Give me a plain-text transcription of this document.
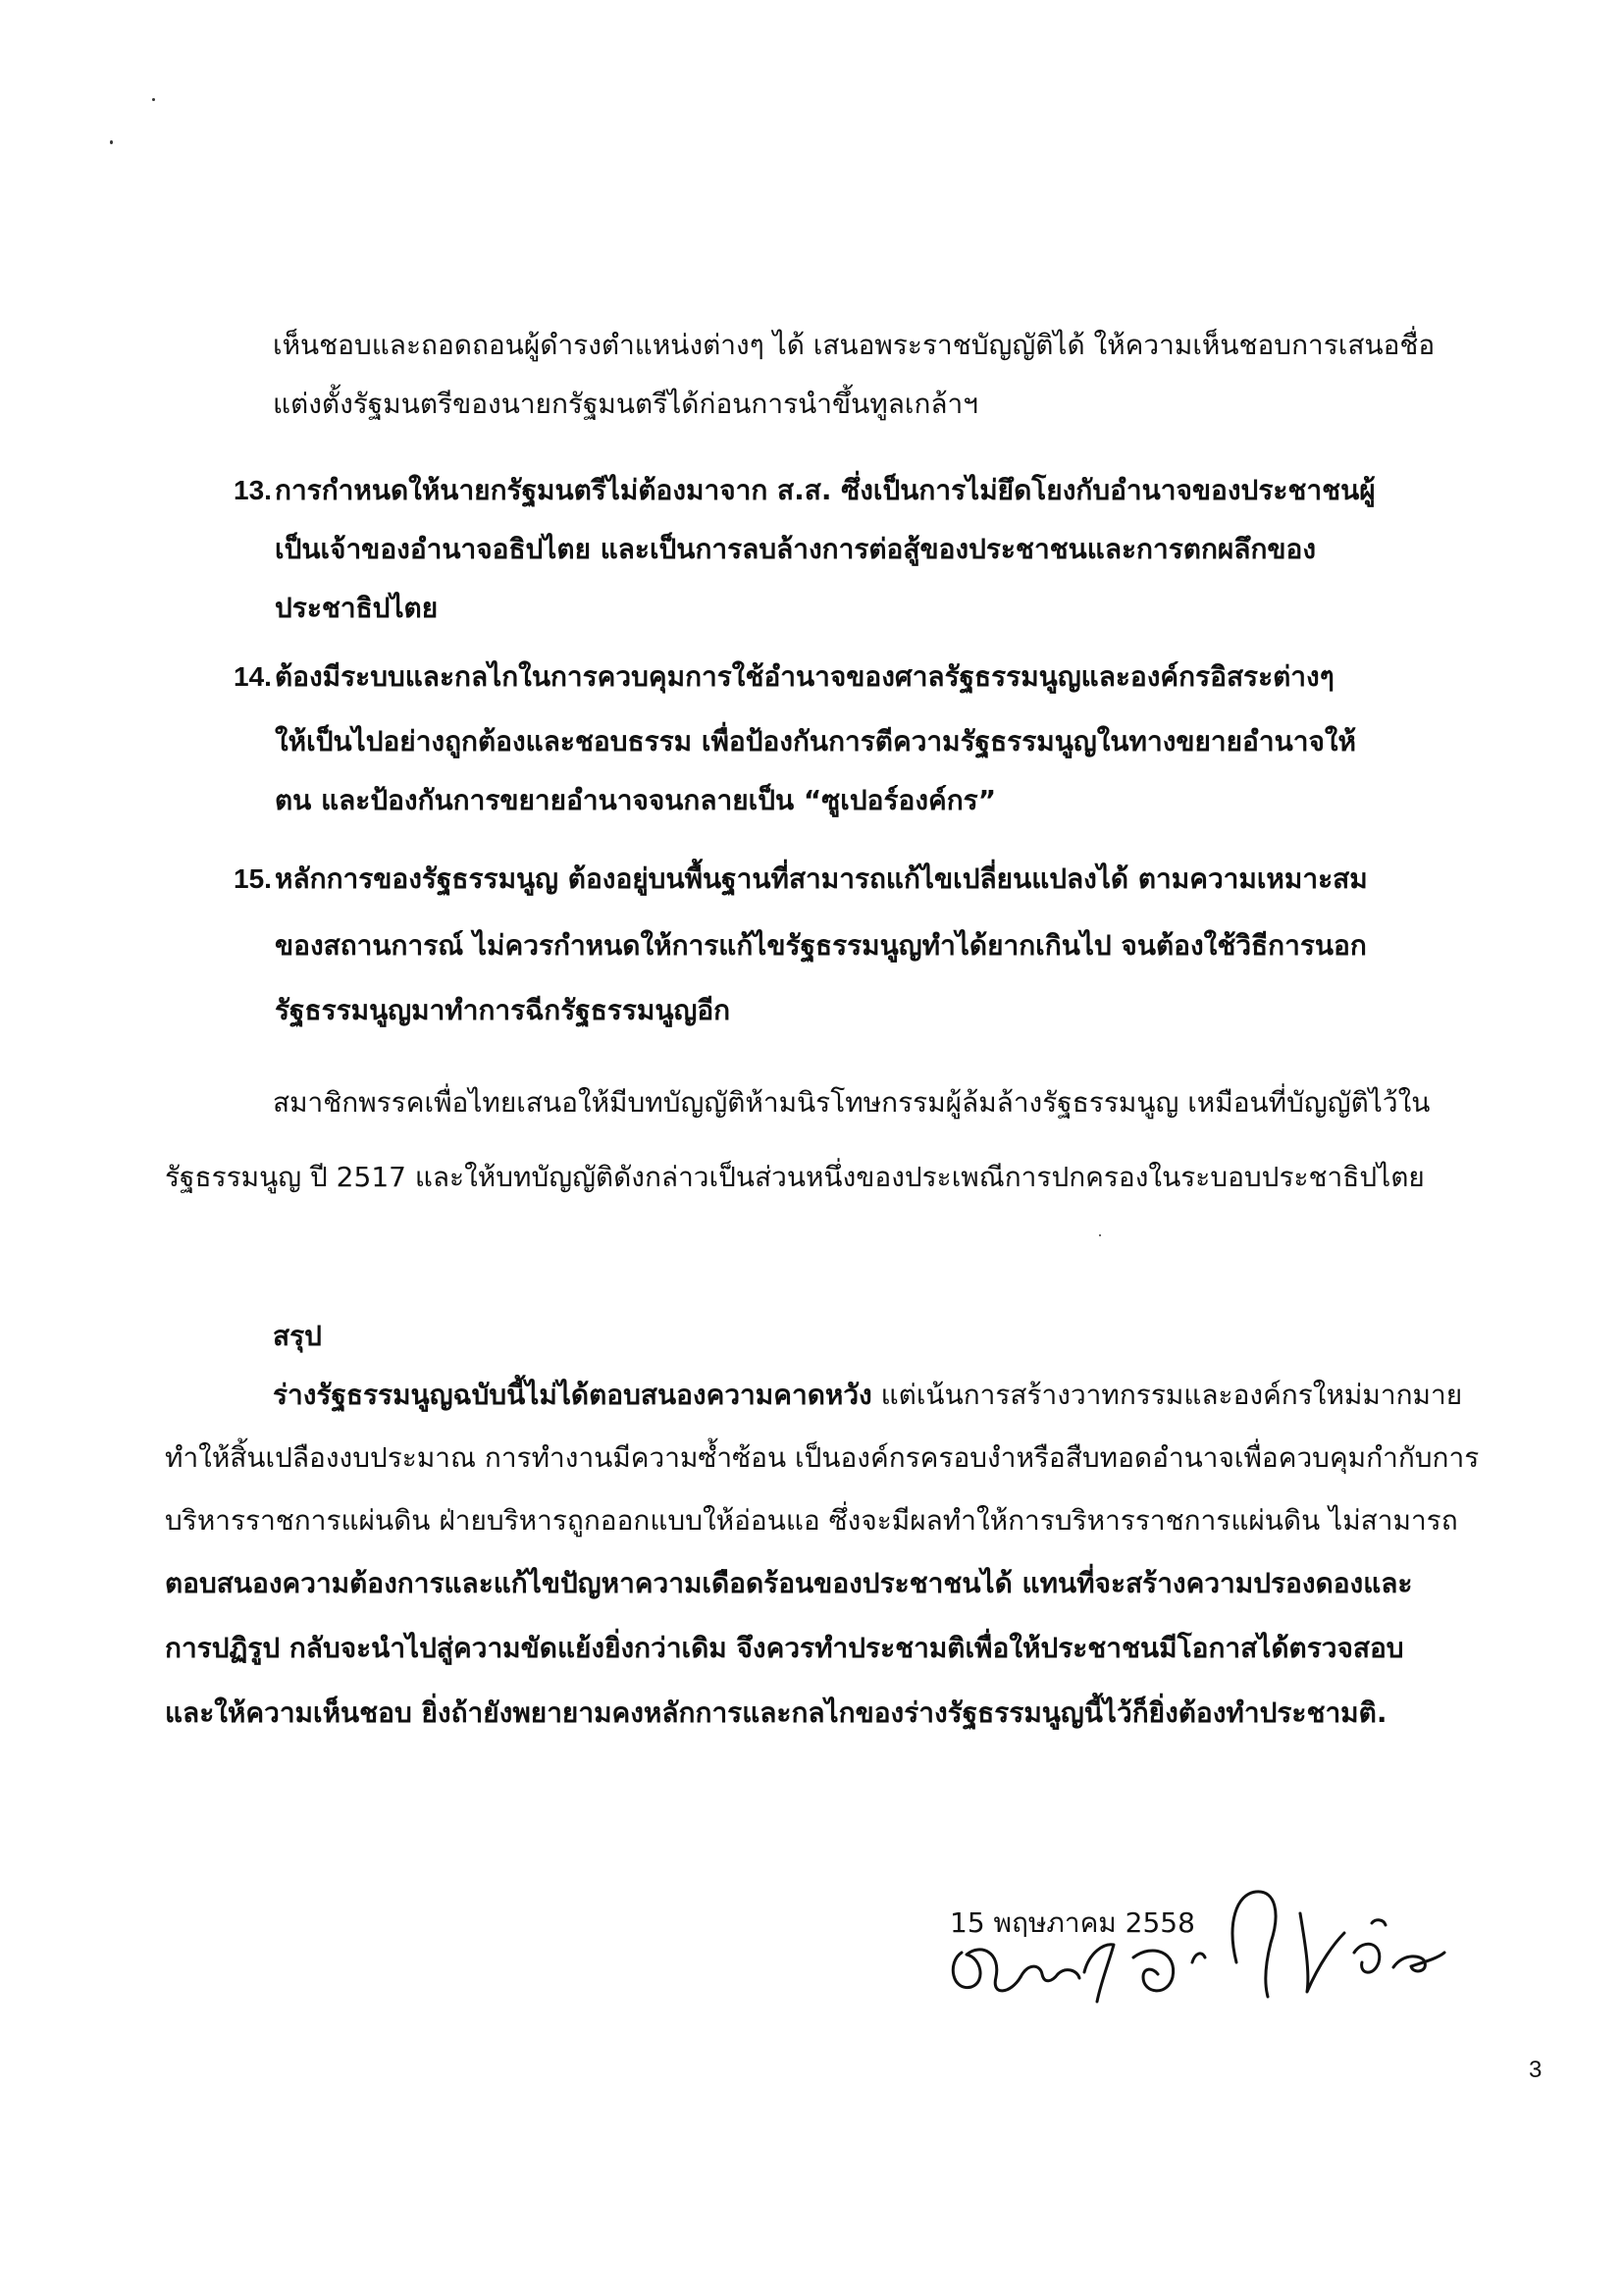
เห็นชอบและถอดถอนผู้ดำรงตำแหน่งต่างๆ ได้ เสนอพระราชบัญญัติได้ ให้ความเห็นชอบการเสนอชื่อ
แต่งตั้งรัฐมนตรีของนายกรัฐมนตรีได้ก่อนการนำขึ้นทูลเกล้าฯ
13. การกำหนดให้นายกรัฐมนตรีไม่ต้องมาจาก ส.ส. ซึ่งเป็นการไม่ยึดโยงกับอำนาจของประชาชนผู้
เป็นเจ้าของอำนาจอธิปไตย และเป็นการลบล้างการต่อสู้ของประชาชนและการตกผลึกของ
ประชาธิปไตย
14. ต้องมีระบบและกลไกในการควบคุมการใช้อำนาจของศาลรัฐธรรมนูญและองค์กรอิสระต่างๆ
ให้เป็นไปอย่างถูกต้องและชอบธรรม เพื่อป้องกันการตีความรัฐธรรมนูญในทางขยายอำนาจให้
ตน และป้องกันการขยายอำนาจจนกลายเป็น “ซูเปอร์องค์กร”
15. หลักการของรัฐธรรมนูญ ต้องอยู่บนพื้นฐานที่สามารถแก้ไขเปลี่ยนแปลงได้ ตามความเหมาะสม
ของสถานการณ์ ไม่ควรกำหนดให้การแก้ไขรัฐธรรมนูญทำได้ยากเกินไป จนต้องใช้วิธีการนอก
รัฐธรรมนูญมาทำการฉีกรัฐธรรมนูญอีก
สมาชิกพรรคเพื่อไทยเสนอให้มีบทบัญญัติห้ามนิรโทษกรรมผู้ล้มล้างรัฐธรรมนูญ เหมือนที่บัญญัติไว้ใน
รัฐธรรมนูญ ปี 2517 และให้บทบัญญัติดังกล่าวเป็นส่วนหนึ่งของประเพณีการปกครองในระบอบประชาธิปไตย
สรุป
ร่างรัฐธรรมนูญฉบับนี้ไม่ได้ตอบสนองความคาดหวัง แต่เน้นการสร้างวาทกรรมและองค์กรใหม่มากมาย
ทำให้สิ้นเปลืองงบประมาณ การทำงานมีความซ้ำซ้อน เป็นองค์กรครอบงำหรือสืบทอดอำนาจเพื่อควบคุมกำกับการ
บริหารราชการแผ่นดิน ฝ่ายบริหารถูกออกแบบให้อ่อนแอ ซึ่งจะมีผลทำให้การบริหารราชการแผ่นดิน ไม่สามารถ
ตอบสนองความต้องการและแก้ไขปัญหาความเดือดร้อนของประชาชนได้ แทนที่จะสร้างความปรองดองและ
การปฏิรูป กลับจะนำไปสู่ความขัดแย้งยิ่งกว่าเดิม จึงควรทำประชามติเพื่อให้ประชาชนมีโอกาสได้ตรวจสอบ
และให้ความเห็นชอบ ยิ่งถ้ายังพยายามคงหลักการและกลไกของร่างรัฐธรรมนูญนี้ไว้ก็ยิ่งต้องทำประชามติ.
15 พฤษภาคม 2558
3
